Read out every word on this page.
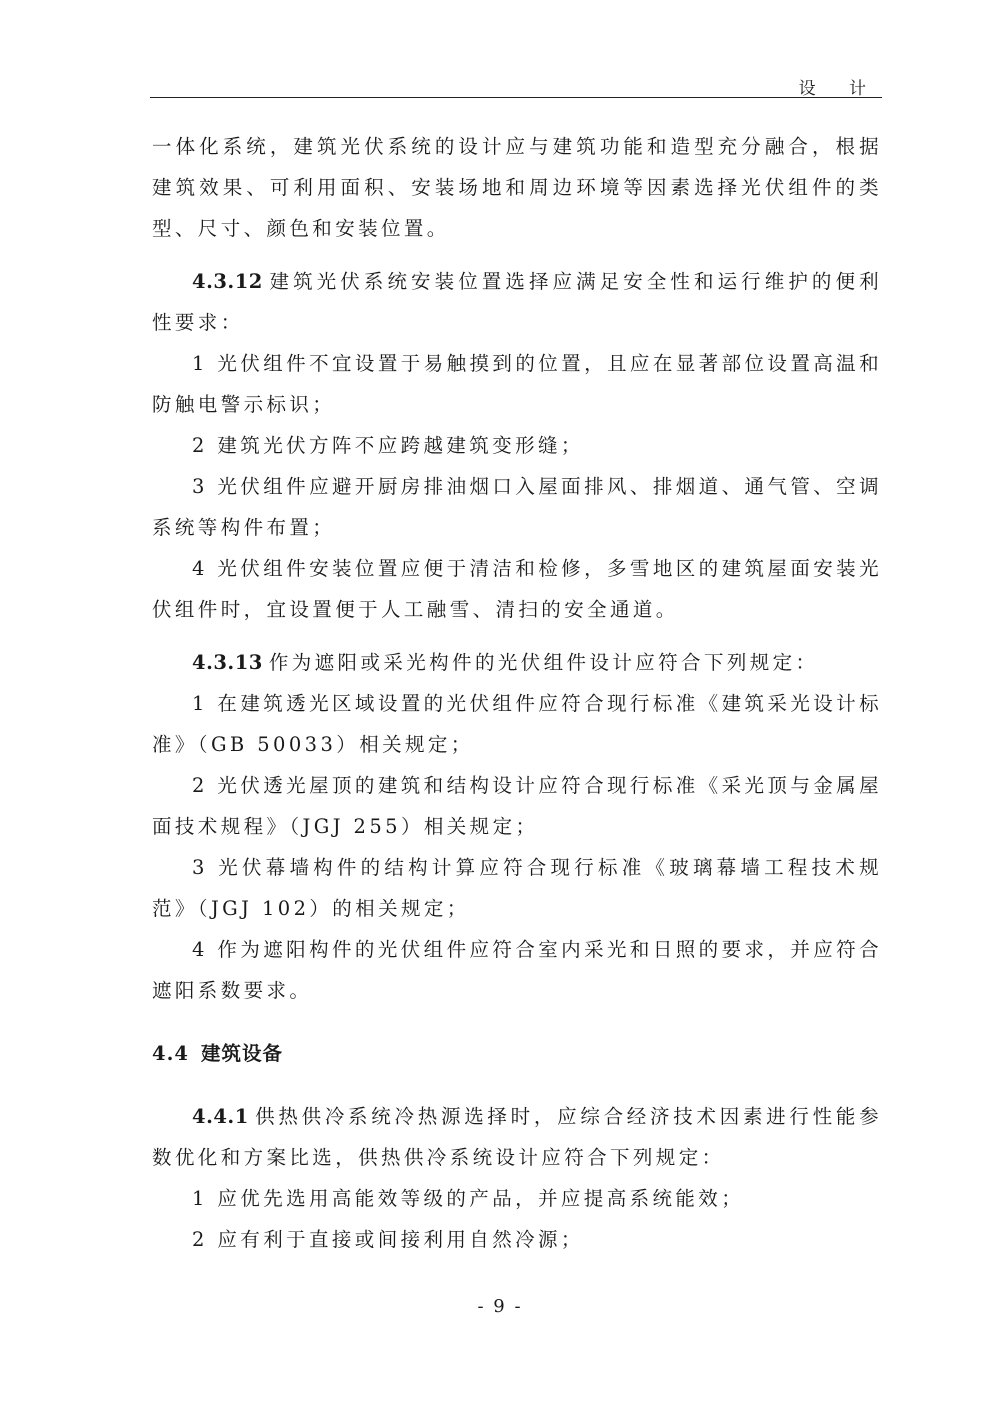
设 计

一体化系统，建筑光伏系统的设计应与建筑功能和造型充分融合，根据建筑效果、可利用面积、安装场地和周边环境等因素选择光伏组件的类型、尺寸、颜色和安装位置。

4.3.12 建筑光伏系统安装位置选择应满足安全性和运行维护的便利性要求：

1 光伏组件不宜设置于易触摸到的位置，且应在显著部位设置高温和防触电警示标识；

2 建筑光伏方阵不应跨越建筑变形缝；

3 光伏组件应避开厨房排油烟口入屋面排风、排烟道、通气管、空调系统等构件布置；

4 光伏组件安装位置应便于清洁和检修，多雪地区的建筑屋面安装光伏组件时，宜设置便于人工融雪、清扫的安全通道。

4.3.13 作为遮阳或采光构件的光伏组件设计应符合下列规定：

1 在建筑透光区域设置的光伏组件应符合现行标准《建筑采光设计标准》（GB 50033）相关规定；

2 光伏透光屋顶的建筑和结构设计应符合现行标准《采光顶与金属屋面技术规程》（JGJ 255）相关规定；

3 光伏幕墙构件的结构计算应符合现行标准《玻璃幕墙工程技术规范》（JGJ 102）的相关规定；

4 作为遮阳构件的光伏组件应符合室内采光和日照的要求，并应符合遮阳系数要求。

4.4 建筑设备

4.4.1 供热供冷系统冷热源选择时，应综合经济技术因素进行性能参数优化和方案比选，供热供冷系统设计应符合下列规定：

1 应优先选用高能效等级的产品，并应提高系统能效；

2 应有利于直接或间接利用自然冷源；

- 9 -
